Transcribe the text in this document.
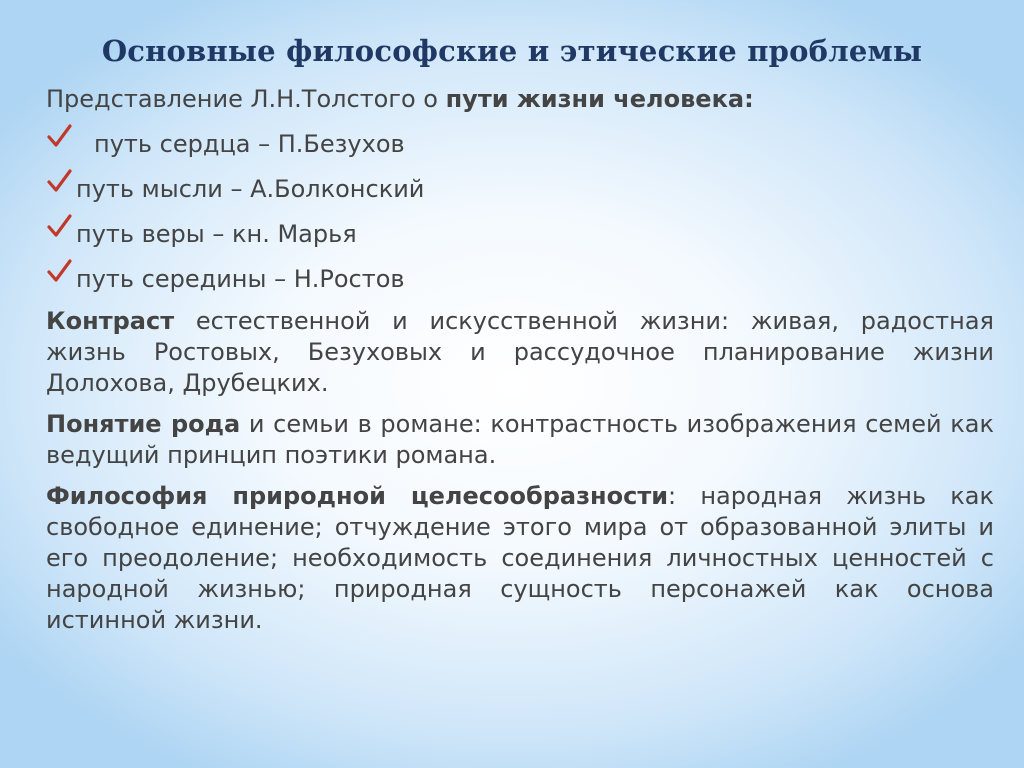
Основные философские и этические проблемы

Представление Л.Н.Толстого о пути жизни человека:

путь сердца – П.Безухов
путь мысли – А.Болконский
путь веры – кн. Марья
путь середины – Н.Ростов

Контраст естественной и искусственной жизни: живая, радостная жизнь Ростовых, Безуховых и рассудочное планирование жизни Долохова, Друбецких.

Понятие рода и семьи в романе: контрастность изображения семей как ведущий принцип поэтики романа.

Философия природной целесообразности: народная жизнь как свободное единение; отчуждение этого мира от образованной элиты и его преодоление; необходимость соединения личностных ценностей с народной жизнью; природная сущность персонажей как основа истинной жизни.
